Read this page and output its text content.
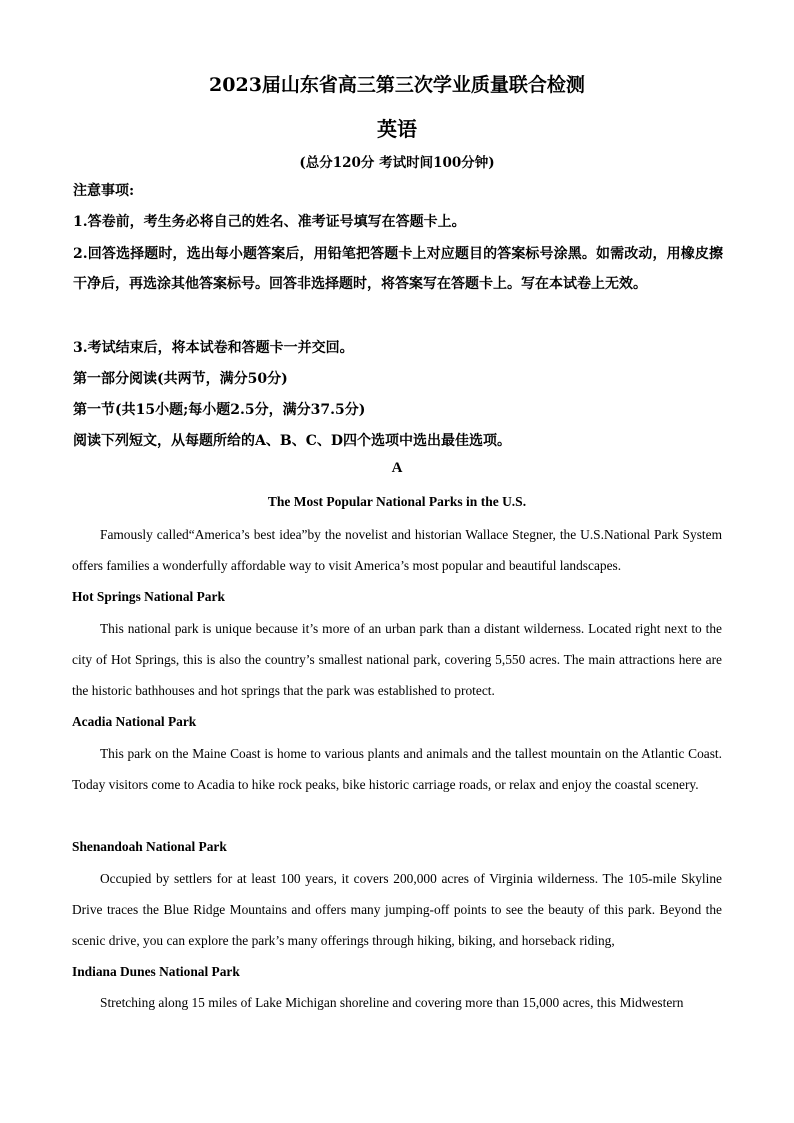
2023届山东省高三第三次学业质量联合检测
英语
(总分120分 考试时间100分钟)
注意事项:
1.答卷前，考生务必将自己的姓名、准考证号填写在答题卡上。
2.回答选择题时，选出每小题答案后，用铅笔把答题卡上对应题目的答案标号涂黑。如需改动，用橡皮擦干净后，再选涂其他答案标号。回答非选择题时，将答案写在答题卡上。写在本试卷上无效。
3.考试结束后，将本试卷和答题卡一并交回。
第一部分阅读(共两节，满分50分)
第一节(共15小题;每小题2.5分，满分37.5分)
阅读下列短文，从每题所给的A、B、C、D四个选项中选出最佳选项。
A
The Most Popular National Parks in the U.S.
Famously called“America’s best idea”by the novelist and historian Wallace Stegner, the U.S.National Park System offers families a wonderfully affordable way to visit America’s most popular and beautiful landscapes.
Hot Springs National Park
This national park is unique because it’s more of an urban park than a distant wilderness. Located right next to the city of Hot Springs, this is also the country’s smallest national park, covering 5,550 acres. The main attractions here are the historic bathhouses and hot springs that the park was established to protect.
Acadia National Park
This park on the Maine Coast is home to various plants and animals and the tallest mountain on the Atlantic Coast. Today visitors come to Acadia to hike rock peaks, bike historic carriage roads, or relax and enjoy the coastal scenery.
Shenandoah National Park
Occupied by settlers for at least 100 years, it covers 200,000 acres of Virginia wilderness. The 105-mile Skyline Drive traces the Blue Ridge Mountains and offers many jumping-off points to see the beauty of this park. Beyond the scenic drive, you can explore the park’s many offerings through hiking, biking, and horseback riding,
Indiana Dunes National Park
Stretching along 15 miles of Lake Michigan shoreline and covering more than 15,000 acres, this Midwestern
